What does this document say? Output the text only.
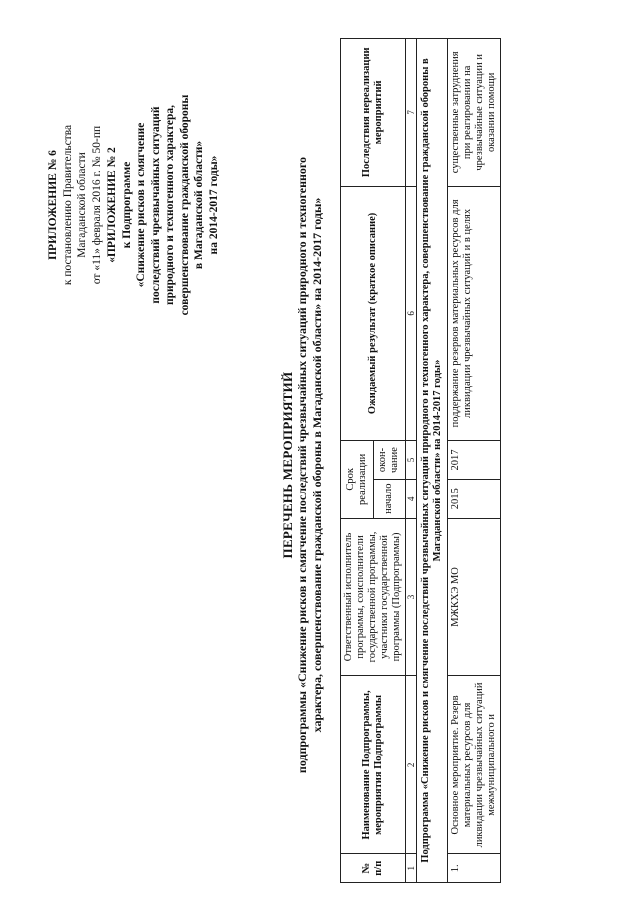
ПРИЛОЖЕНИЕ № 6 к постановлению Правительства Магаданской области от «11» февраля 2016 г. № 50-пп «ПРИЛОЖЕНИЕ № 2 к Подпрограмме «Снижение рисков и смягчение последствий чрезвычайных ситуаций природного и техногенного характера, совершенствование гражданской обороны в Магаданской области» на 2014-2017 годы»
ПЕРЕЧЕНЬ МЕРОПРИЯТИЙ подпрограммы «Снижение рисков и смягчение последствий чрезвычайных ситуаций природного и техногенного характера, совершенствование гражданской обороны в Магаданской области» на 2014-2017 годы»
№ п/п	Наименование Подпрограммы, мероприятия Подпрограммы	Ответственный исполнитель программы, соисполнители государственной программы, участники государственной программы (Подпрограммы)	Срок реализации		Ожидаемый результат (краткое описание)	Последствия нереализации мероприятий
			начало	окон-чание		
1	2	3	4	5	6	7
Подпрограмма «Снижение рисков и смягчение последствий чрезвычайных ситуаций природного и техногенного характера, совершенствование гражданской обороны в Магаданской области» на 2014-2017 годы»						
1.	Основное мероприятие. Резерв материальных ресурсов для ликвидации чрезвычайных ситуаций межмуниципального и	МЖКХЭ МО	2015	2017	поддержание резервов материальных ресурсов для ликвидации чрезвычайных ситуаций и в целях	существенные затруднения при реагировании на чрезвычайные ситуации и оказании помощи
